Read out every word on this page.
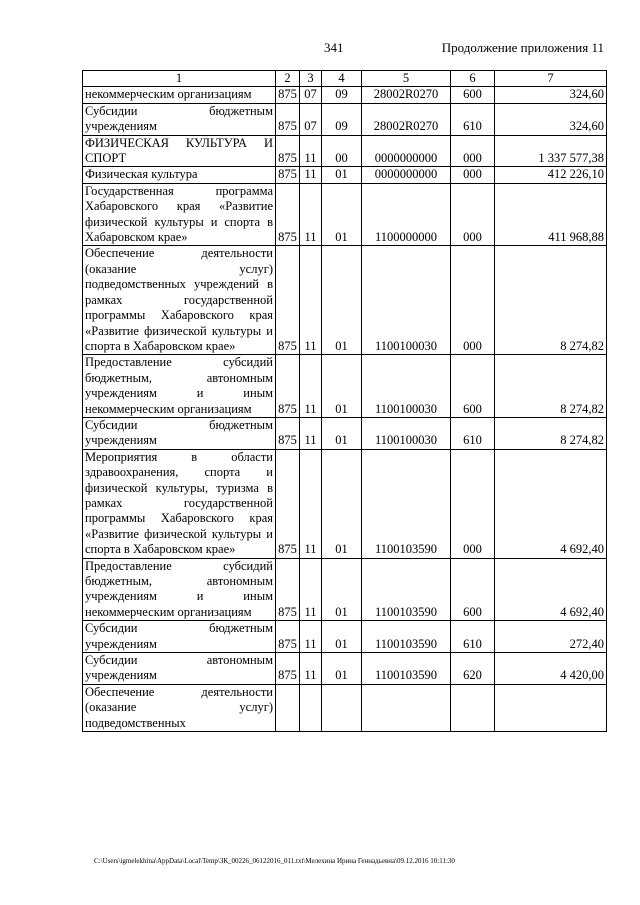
341	Продолжение приложения 11
1	2	3	4	5	6	7
некоммерческим организациям	875	07	09	28002R0270	600	324,60
Субсидии бюджетным учреждениям	875	07	09	28002R0270	610	324,60
ФИЗИЧЕСКАЯ КУЛЬТУРА И СПОРТ	875	11	00	0000000000	000	1 337 577,38
Физическая культура	875	11	01	0000000000	000	412 226,10
Государственная программа Хабаровского края «Развитие физической культуры и спорта в Хабаровском крае»	875	11	01	1100000000	000	411 968,88
Обеспечение деятельности (оказание услуг) подведомственных учреждений в рамках государственной программы Хабаровского края «Развитие физической культуры и спорта в Хабаровском крае»	875	11	01	1100100030	000	8 274,82
Предоставление субсидий бюджетным, автономным учреждениям и иным некоммерческим организациям	875	11	01	1100100030	600	8 274,82
Субсидии бюджетным учреждениям	875	11	01	1100100030	610	8 274,82
Мероприятия в области здравоохранения, спорта и физической культуры, туризма в рамках государственной программы Хабаровского края «Развитие физической культуры и спорта в Хабаровском крае»	875	11	01	1100103590	000	4 692,40
Предоставление субсидий бюджетным, автономным учреждениям и иным некоммерческим организациям	875	11	01	1100103590	600	4 692,40
Субсидии бюджетным учреждениям	875	11	01	1100103590	610	272,40
Субсидии автономным учреждениям	875	11	01	1100103590	620	4 420,00
Обеспечение деятельности (оказание услуг) подведомственных						
C:\Users\igmelekhina\AppData\Local\Temp\ЗК_00226_06122016_011.txt\Мелехина Ирина Геннадьевна\09.12.2016 10:11:30
